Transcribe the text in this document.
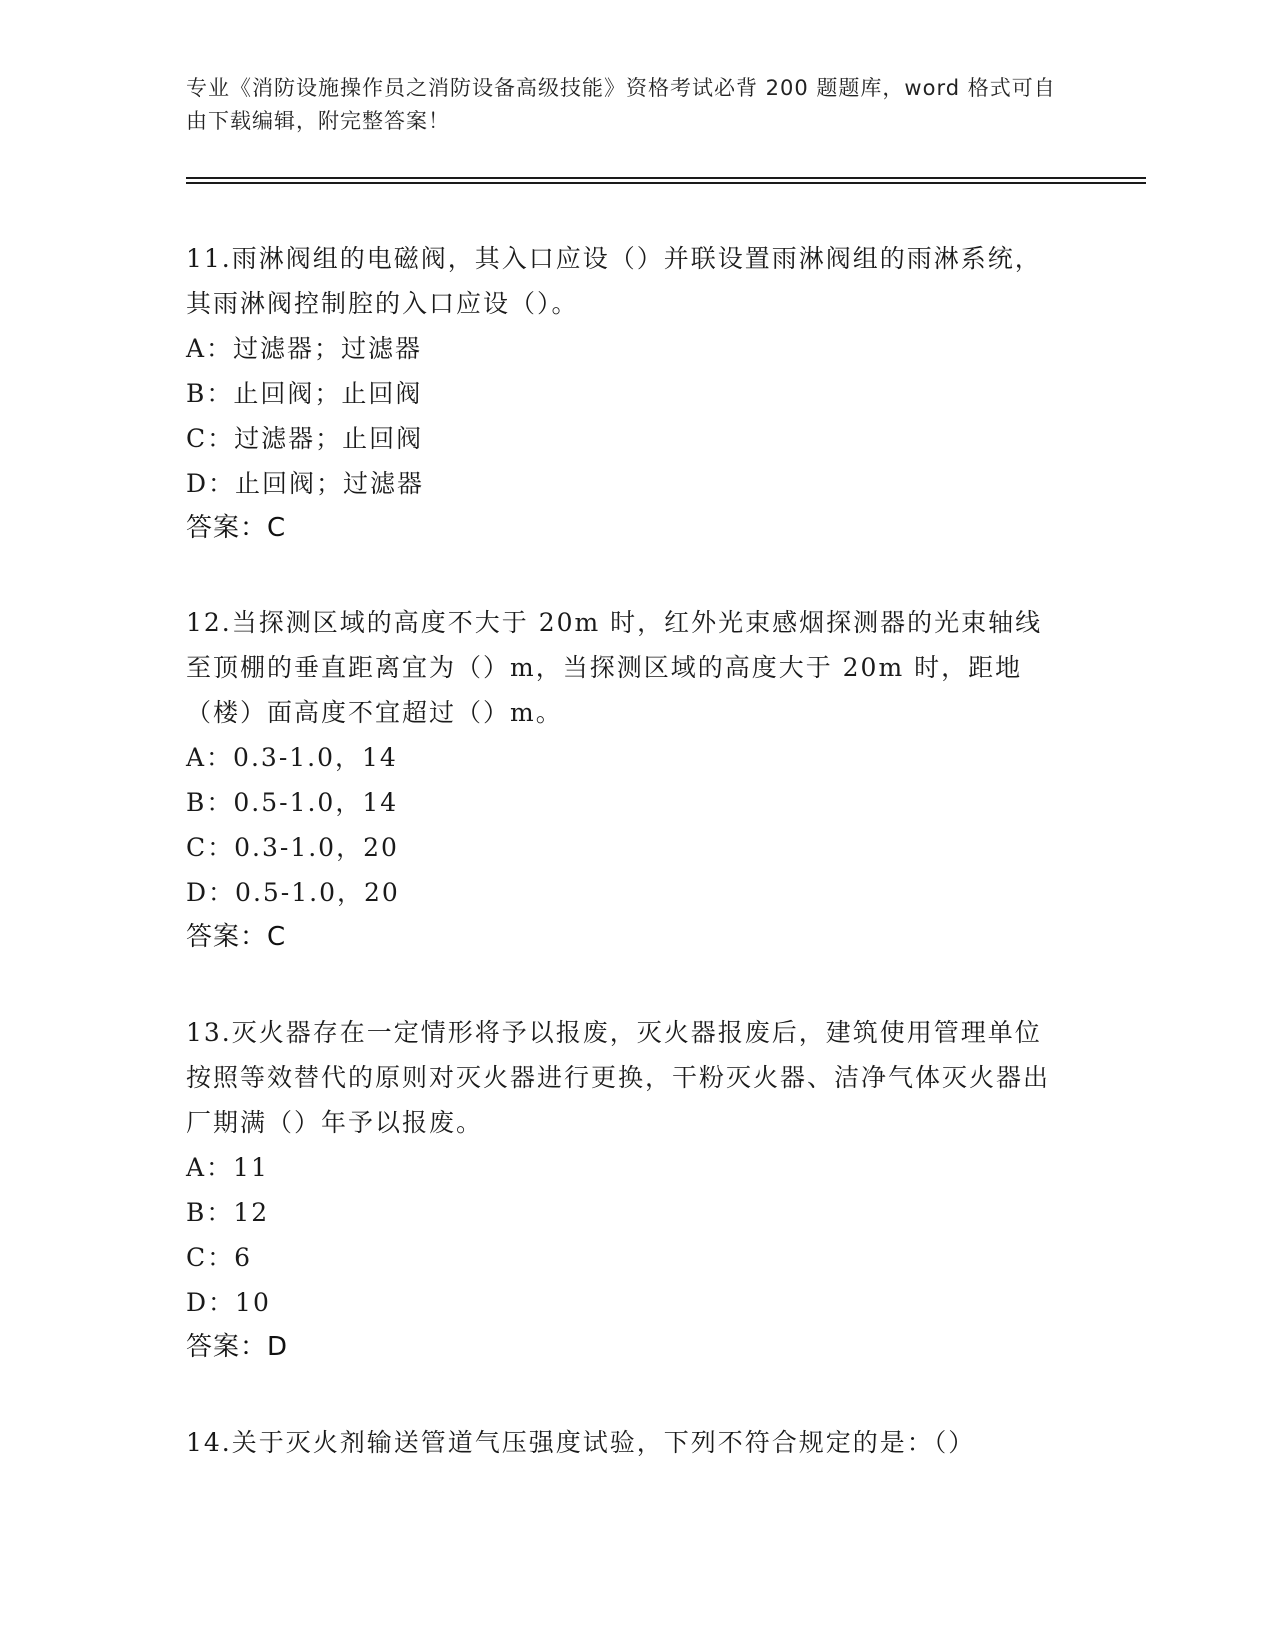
专业《消防设施操作员之消防设备高级技能》资格考试必背 200 题题库，word 格式可自由下载编辑，附完整答案！

11.雨淋阀组的电磁阀，其入口应设（）并联设置雨淋阀组的雨淋系统，其雨淋阀控制腔的入口应设（）。

A：过滤器；过滤器

B：止回阀；止回阀

C：过滤器；止回阀

D：止回阀；过滤器

答案：C

12.当探测区域的高度不大于 20m 时，红外光束感烟探测器的光束轴线至顶棚的垂直距离宜为（）m，当探测区域的高度大于 20m 时，距地（楼）面高度不宜超过（）m。

A：0.3-1.0，14

B：0.5-1.0，14

C：0.3-1.0，20

D：0.5-1.0，20

答案：C

13.灭火器存在一定情形将予以报废，灭火器报废后，建筑使用管理单位按照等效替代的原则对灭火器进行更换，干粉灭火器、洁净气体灭火器出厂期满（）年予以报废。

A：11

B：12

C：6

D：10

答案：D

14.关于灭火剂输送管道气压强度试验，下列不符合规定的是：（）
